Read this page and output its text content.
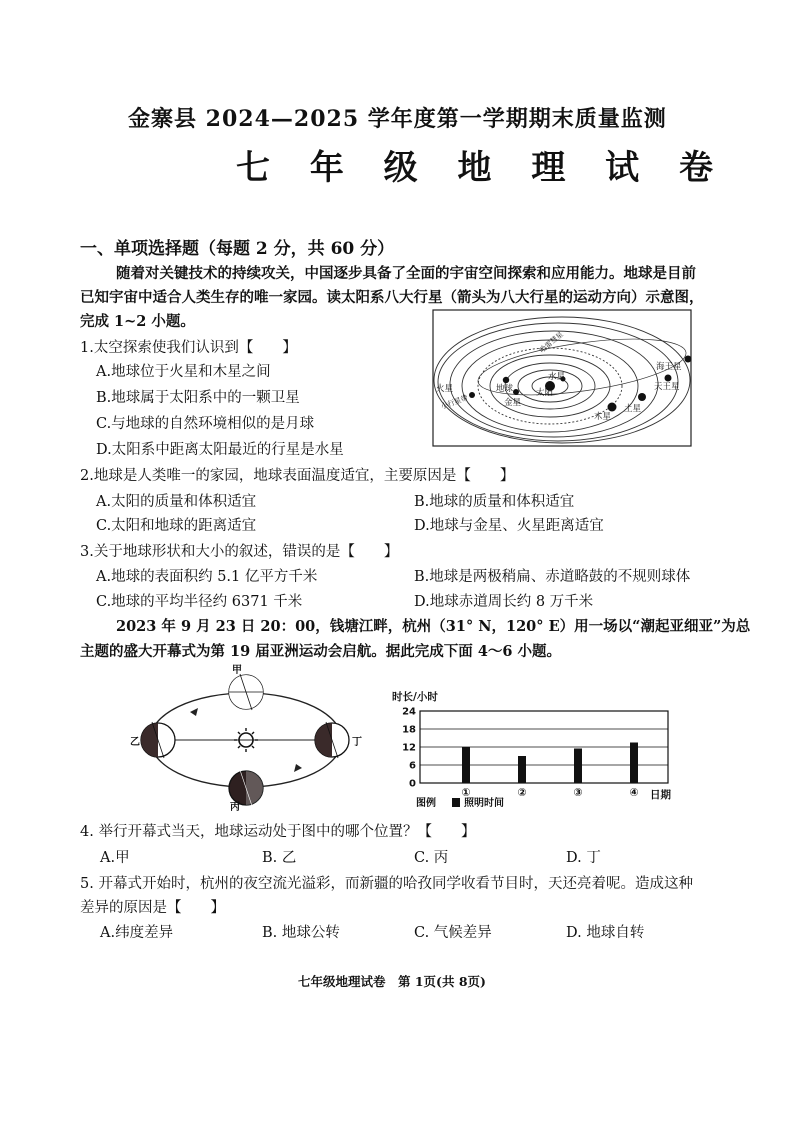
金寨县 2024—2025 学年度第一学期期末质量监测
七 年 级 地 理 试 卷
一、单项选择题（每题 2 分，共 60 分）
随着对关键技术的持续攻关，中国逐步具备了全面的宇宙空间探索和应用能力。地球是目前
已知宇宙中适合人类生存的唯一家园。读太阳系八大行星（箭头为八大行星的运动方向）示意图，
完成 1~2 小题。
1.太空探索使我们认识到【　　】
A.地球位于火星和木星之间
B.地球属于太阳系中的一颗卫星
C.与地球的自然环境相似的是月球
D.太阳系中距离太阳最近的行星是水星
水星
太阳
金星
地球
火星
木星
土星
天王星
海王星
小行星带
哈雷彗星
2.地球是人类唯一的家园，地球表面温度适宜，主要原因是【　　】
A.太阳的质量和体积适宜	B.地球的质量和体积适宜
C.太阳和地球的距离适宜	D.地球与金星、火星距离适宜
3.关于地球形状和大小的叙述，错误的是【　　】
A.地球的表面积约 5.1 亿平方千米	B.地球是两极稍扁、赤道略鼓的不规则球体
C.地球的平均半径约 6371 千米	D.地球赤道周长约 8 万千米
2023 年 9 月 23 日 20：00，钱塘江畔，杭州（31° N，120° E）用一场以“潮起亚细亚”为总
主题的盛大开幕式为第 19 届亚洲运动会启航。据此完成下面 4～6 小题。
甲
乙	丁
丙
时长/小时
0
6
12
18
24
①	②	③	④ 日期
图例	照明时间
4. 举行开幕式当天，地球运动处于图中的哪个位置？【　　】
A.甲	B. 乙	C. 丙	D. 丁
5. 开幕式开始时，杭州的夜空流光溢彩，而新疆的哈孜同学收看节目时，天还亮着呢。造成这种
差异的原因是【　　】
A.纬度差异	B. 地球公转	C. 气候差异	D. 地球自转
七年级地理试卷　第 1页(共 8页)
